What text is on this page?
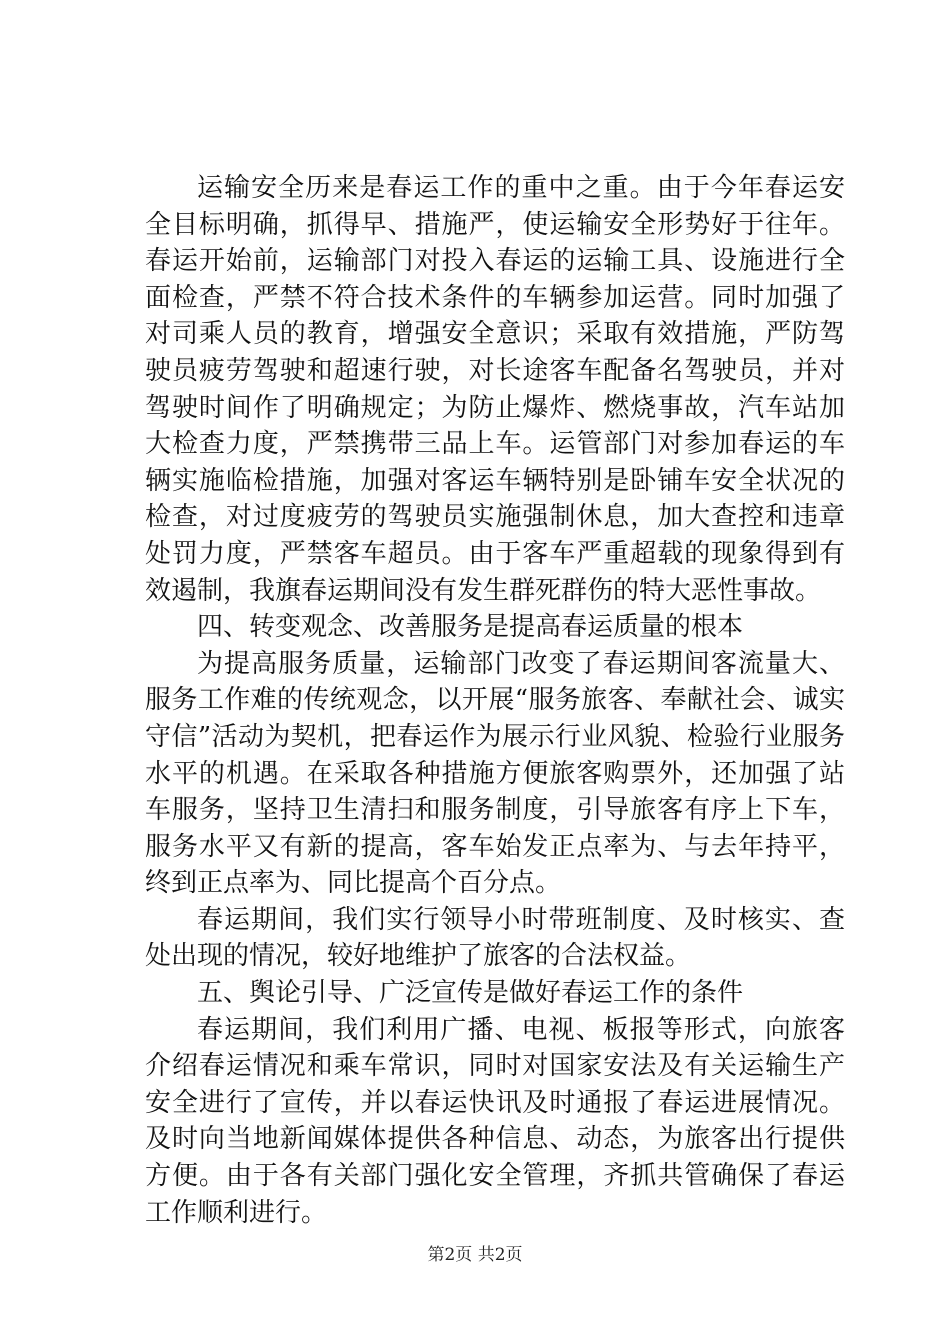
运输安全历来是春运工作的重中之重。由于今年春运安全目标明确，抓得早、措施严，使运输安全形势好于往年。春运开始前，运输部门对投入春运的运输工具、设施进行全面检查，严禁不符合技术条件的车辆参加运营。同时加强了对司乘人员的教育，增强安全意识；采取有效措施，严防驾驶员疲劳驾驶和超速行驶，对长途客车配备名驾驶员，并对驾驶时间作了明确规定；为防止爆炸、燃烧事故，汽车站加大检查力度，严禁携带三品上车。运管部门对参加春运的车辆实施临检措施，加强对客运车辆特别是卧铺车安全状况的检查，对过度疲劳的驾驶员实施强制休息，加大查控和违章处罚力度，严禁客车超员。由于客车严重超载的现象得到有效遏制，我旗春运期间没有发生群死群伤的特大恶性事故。

四、转变观念、改善服务是提高春运质量的根本

为提高服务质量，运输部门改变了春运期间客流量大、服务工作难的传统观念，以开展“服务旅客、奉献社会、诚实守信”活动为契机，把春运作为展示行业风貌、检验行业服务水平的机遇。在采取各种措施方便旅客购票外，还加强了站车服务，坚持卫生清扫和服务制度，引导旅客有序上下车，服务水平又有新的提高，客车始发正点率为、与去年持平，终到正点率为、同比提高个百分点。

春运期间，我们实行领导小时带班制度、及时核实、查处出现的情况，较好地维护了旅客的合法权益。

五、舆论引导、广泛宣传是做好春运工作的条件

春运期间，我们利用广播、电视、板报等形式，向旅客介绍春运情况和乘车常识，同时对国家安法及有关运输生产安全进行了宣传，并以春运快讯及时通报了春运进展情况。及时向当地新闻媒体提供各种信息、动态，为旅客出行提供方便。由于各有关部门强化安全管理，齐抓共管确保了春运工作顺利进行。

第2页 共2页
